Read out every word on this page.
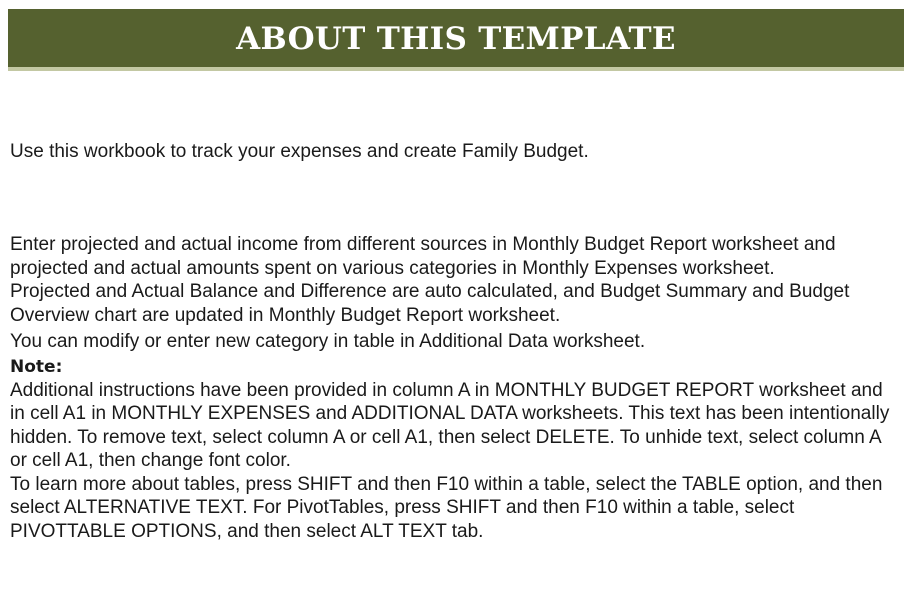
ABOUT THIS TEMPLATE
Use this workbook to track your expenses and create Family Budget.

Enter projected and actual income from different sources in Monthly Budget Report worksheet and projected and actual amounts spent on various categories in Monthly Expenses worksheet.

Projected and Actual Balance and Difference are auto calculated, and Budget Summary and Budget Overview chart are updated in Monthly Budget Report worksheet.

You can modify or enter new category in table in Additional Data worksheet.

Note:

Additional instructions have been provided in column A in MONTHLY BUDGET REPORT worksheet and in cell A1 in MONTHLY EXPENSES and ADDITIONAL DATA worksheets. This text has been intentionally hidden. To remove text, select column A or cell A1, then select DELETE. To unhide text, select column A or cell A1, then change font color.

To learn more about tables, press SHIFT and then F10 within a table, select the TABLE option, and then select ALTERNATIVE TEXT. For PivotTables, press SHIFT and then F10 within a table, select PIVOTTABLE OPTIONS, and then select ALT TEXT tab.
